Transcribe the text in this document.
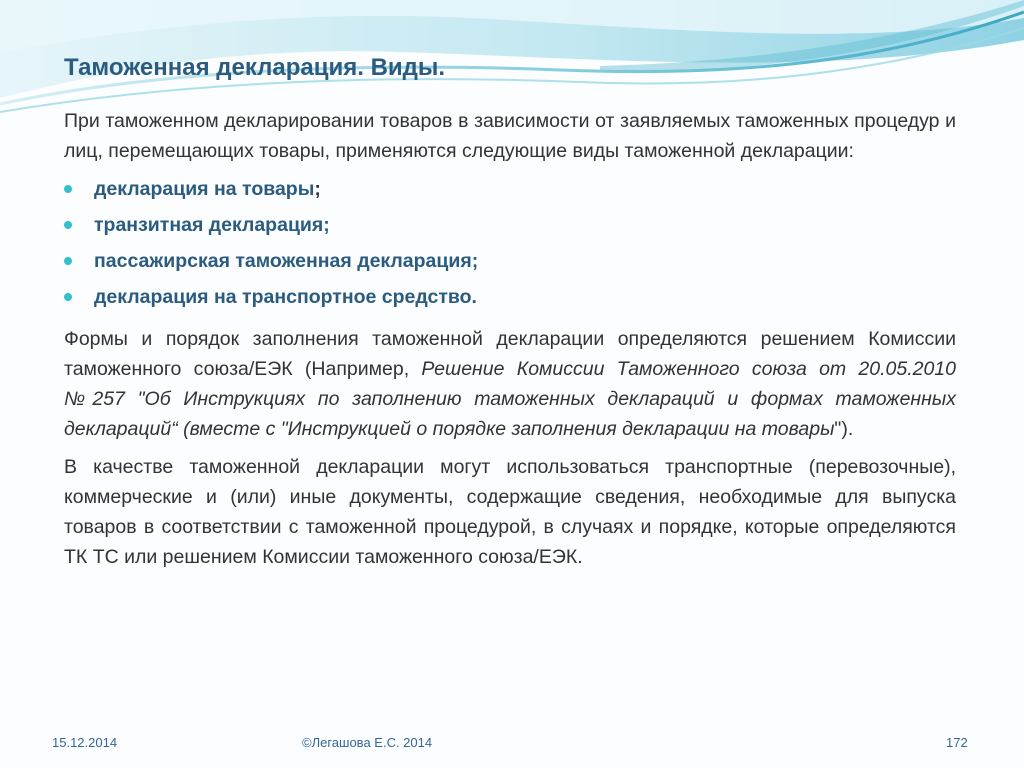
Таможенная декларация. Виды.

При таможенном декларировании товаров в зависимости от заявляемых таможенных процедур и лиц, перемещающих товары, применяются следующие виды таможенной декларации:

декларация на товары;
транзитная декларация;
пассажирская таможенная декларация;
декларация на транспортное средство.

Формы и порядок заполнения таможенной декларации определяются решением Комиссии таможенного союза/ЕЭК (Например, Решение Комиссии Таможенного союза от 20.05.2010 №257 "Об Инструкциях по заполнению таможенных деклараций и формах таможенных деклараций“ (вместе с "Инструкцией о порядке заполнения декларации на товары").

В качестве таможенной декларации могут использоваться транспортные (перевозочные), коммерческие и (или) иные документы, содержащие сведения, необходимые для выпуска товаров в соответствии с таможенной процедурой, в случаях и порядке, которые определяются ТК ТС или решением Комиссии таможенного союза/ЕЭК.

15.12.2014	©Легашова Е.С. 2014	172
